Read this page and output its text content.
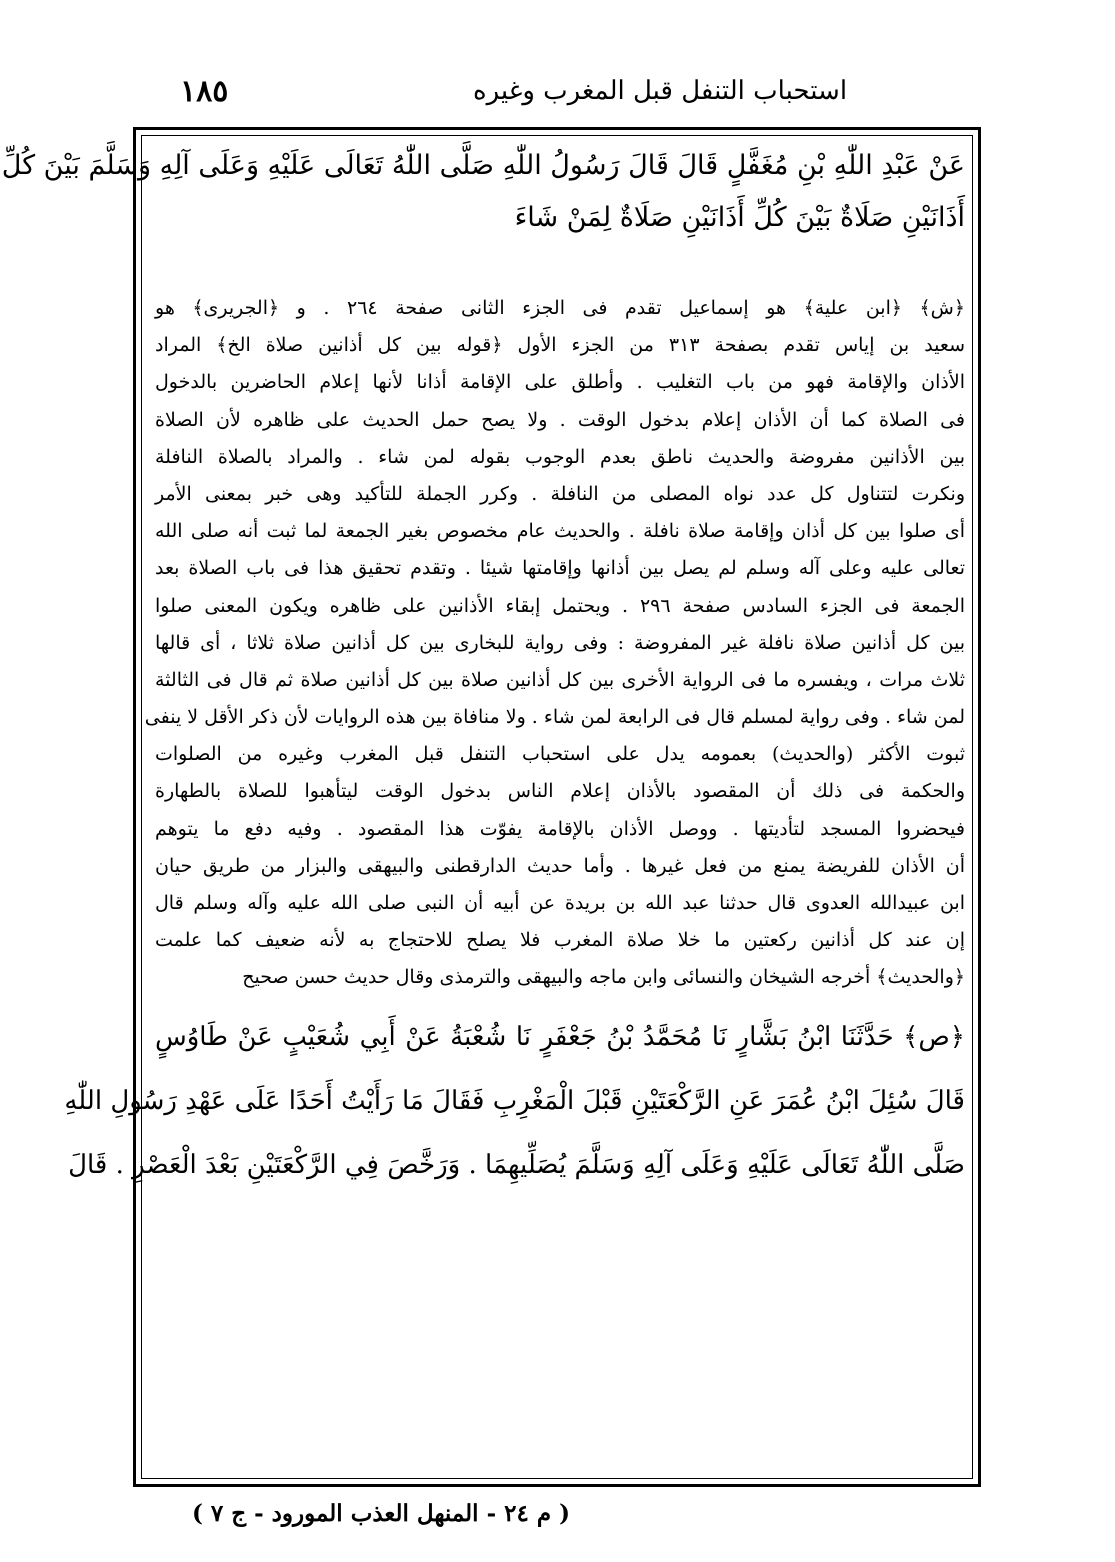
١٨٥	استحباب التنفل قبل المغرب وغيره
عَنْ عَبْدِ اللّٰهِ بْنِ مُغَفَّلٍ قَالَ قَالَ رَسُولُ اللّٰهِ صَلَّى اللّٰهُ تَعَالَى عَلَيْهِ وَعَلَى آلِهِ وَسَلَّمَ بَيْنَ كُلِّ
أَذَانَيْنِ صَلَاةٌ بَيْنَ كُلِّ أَذَانَيْنِ صَلَاةٌ لِمَنْ شَاءَ
﴿ش﴾ ﴿ابن علية﴾ هو إسماعيل تقدم فى الجزء الثانى صفحة ٢٦٤ . و ﴿الجريرى﴾ هو
سعيد بن إياس تقدم بصفحة ٣١٣ من الجزء الأول ﴿قوله بين كل أذانين صلاة الخ﴾ المراد
الأذان والإقامة فهو من باب التغليب . وأطلق على الإقامة أذانا لأنها إعلام الحاضرين بالدخول
فى الصلاة كما أن الأذان إعلام بدخول الوقت . ولا يصح حمل الحديث على ظاهره لأن الصلاة
بين الأذانين مفروضة والحديث ناطق بعدم الوجوب بقوله لمن شاء . والمراد بالصلاة النافلة
ونكرت لتتناول كل عدد نواه المصلى من النافلة . وكرر الجملة للتأكيد وهى خبر بمعنى الأمر
أى صلوا بين كل أذان وإقامة صلاة نافلة . والحديث عام مخصوص بغير الجمعة لما ثبت أنه صلى الله
تعالى عليه وعلى آله وسلم لم يصل بين أذانها وإقامتها شيئا . وتقدم تحقيق هذا فى باب الصلاة بعد
الجمعة فى الجزء السادس صفحة ٢٩٦ . ويحتمل إبقاء الأذانين على ظاهره ويكون المعنى صلوا
بين كل أذانين صلاة نافلة غير المفروضة : وفى رواية للبخارى بين كل أذانين صلاة ثلاثا ، أى قالها
ثلاث مرات ، ويفسره ما فى الرواية الأخرى بين كل أذانين صلاة بين كل أذانين صلاة ثم قال فى الثالثة
لمن شاء . وفى رواية لمسلم قال فى الرابعة لمن شاء . ولا منافاة بين هذه الروايات لأن ذكر الأقل لا ينفى
ثبوت الأكثر (والحديث) بعمومه يدل على استحباب التنفل قبل المغرب وغيره من الصلوات
والحكمة فى ذلك أن المقصود بالأذان إعلام الناس بدخول الوقت ليتأهبوا للصلاة بالطهارة
فيحضروا المسجد لتأديتها . ووصل الأذان بالإقامة يفوّت هذا المقصود . وفيه دفع ما يتوهم
أن الأذان للفريضة يمنع من فعل غيرها . وأما حديث الدارقطنى والبيهقى والبزار من طريق حيان
ابن عبيدالله العدوى قال حدثنا عبد الله بن بريدة عن أبيه أن النبى صلى الله عليه وآله وسلم قال
إن عند كل أذانين ركعتين ما خلا صلاة المغرب فلا يصلح للاحتجاج به لأنه ضعيف كما علمت
﴿والحديث﴾ أخرجه الشيخان والنسائى وابن ماجه والبيهقى والترمذى وقال حديث حسن صحيح
﴿ص﴾ حَدَّثَنَا ابْنُ بَشَّارٍ نَا مُحَمَّدُ بْنُ جَعْفَرٍ نَا شُعْبَةُ عَنْ أَبِي شُعَيْبٍ عَنْ طَاوُسٍ
قَالَ سُئِلَ ابْنُ عُمَرَ عَنِ الرَّكْعَتَيْنِ قَبْلَ الْمَغْرِبِ فَقَالَ مَا رَأَيْتُ أَحَدًا عَلَى عَهْدِ رَسُولِ اللّٰهِ
صَلَّى اللّٰهُ تَعَالَى عَلَيْهِ وَعَلَى آلِهِ وَسَلَّمَ يُصَلِّيهِمَا . وَرَخَّصَ فِي الرَّكْعَتَيْنِ بَعْدَ الْعَصْرِ . قَالَ
( م ٢٤ - المنهل العذب المورود - ج ٧ )
